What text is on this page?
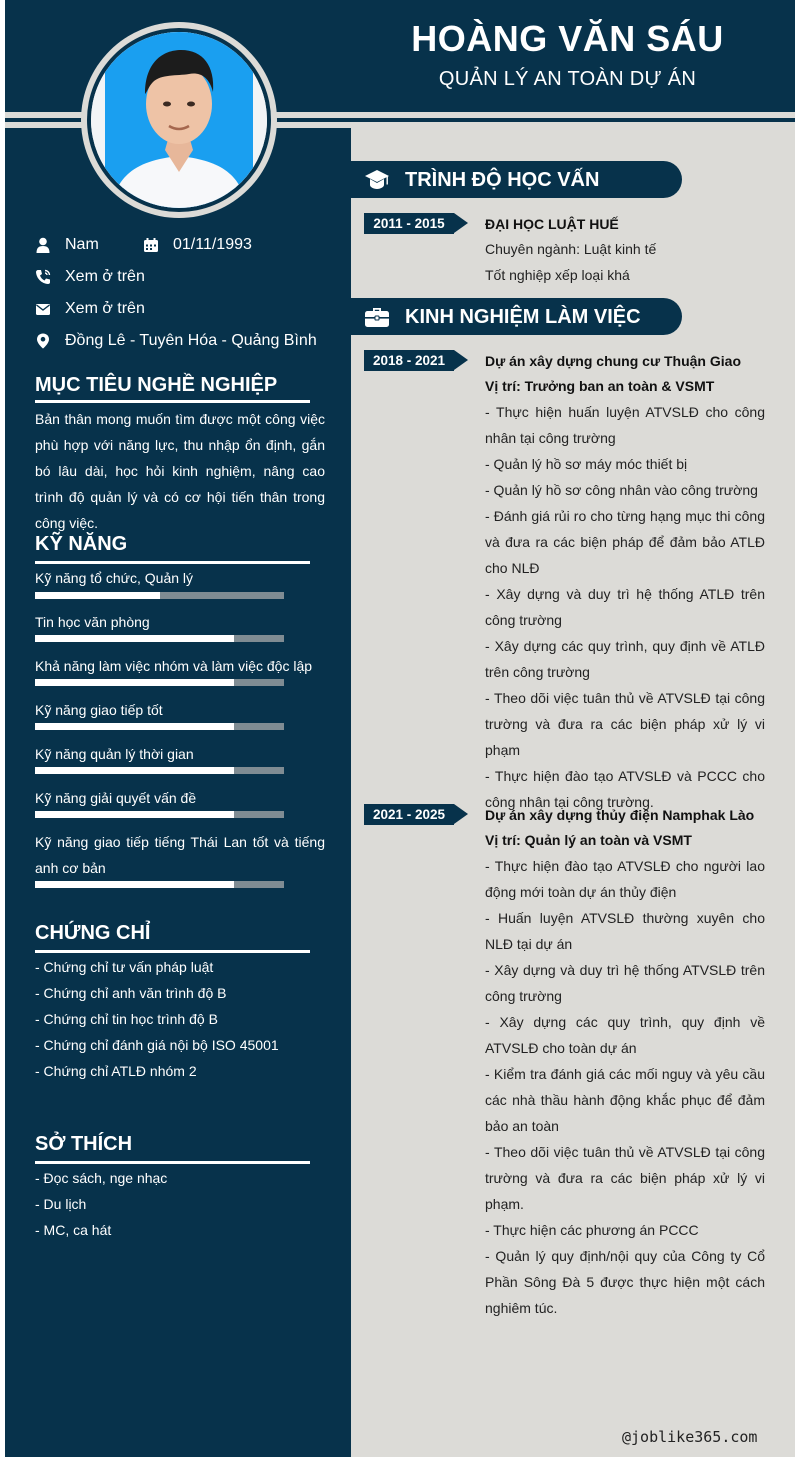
HOÀNG VĂN SÁU
QUẢN LÝ AN TOÀN DỰ ÁN
Nam	01/11/1993
Xem ở trên
Xem ở trên
Đồng Lê - Tuyên Hóa - Quảng Bình
MỤC TIÊU NGHỀ NGHIỆP
Bản thân mong muốn tìm được một công việc phù hợp với năng lực, thu nhập ổn định, gắn bó lâu dài, học hỏi kinh nghiệm, nâng cao trình độ quản lý và có cơ hội tiến thân trong công việc.
KỸ NĂNG
Kỹ năng tổ chức, Quản lý
Tin học văn phòng
Khả năng làm việc nhóm và làm việc độc lập
Kỹ năng giao tiếp tốt
Kỹ năng quản lý thời gian
Kỹ năng giải quyết vấn đề
Kỹ năng giao tiếp tiếng Thái Lan tốt và tiếng anh cơ bản
CHỨNG CHỈ
- Chứng chỉ tư vấn pháp luật
- Chứng chỉ anh văn trình độ B
- Chứng chỉ tin học trình độ B
- Chứng chỉ đánh giá nội bộ ISO 45001
- Chứng chỉ ATLĐ nhóm 2
SỞ THÍCH
- Đọc sách, nge nhạc
- Du lịch
- MC, ca hát
TRÌNH ĐỘ HỌC VẤN
2011 - 2015	ĐẠI HỌC LUẬT HUẾ
Chuyên ngành: Luật kinh tế
Tốt nghiệp xếp loại khá
KINH NGHIỆM LÀM VIỆC
2018 - 2021	Dự án xây dựng chung cư Thuận Giao
Vị trí: Trưởng ban an toàn & VSMT
- Thực hiện huấn luyện ATVSLĐ cho công nhân tại công trường
- Quản lý hồ sơ máy móc thiết bị
- Quản lý hồ sơ công nhân vào công trường
- Đánh giá rủi ro cho từng hạng mục thi công và đưa ra các biện pháp để đảm bảo ATLĐ cho NLĐ
- Xây dựng và duy trì hệ thống ATLĐ trên công trường
- Xây dựng các quy trình, quy định về ATLĐ trên công trường
- Theo dõi việc tuân thủ về ATVSLĐ tại công trường và đưa ra các biện pháp xử lý vi phạm
- Thực hiện đào tạo ATVSLĐ và PCCC cho công nhân tại công trường.
2021 - 2025	Dự án xây dựng thủy điện Namphak Lào
Vị trí: Quản lý an toàn và VSMT
- Thực hiện đào tạo ATVSLĐ cho người lao động mới toàn dự án thủy điện
- Huấn luyện ATVSLĐ thường xuyên cho NLĐ tại dự án
- Xây dựng và duy trì hệ thống ATVSLĐ trên công trường
- Xây dựng các quy trình, quy định về ATVSLĐ cho toàn dự án
- Kiểm tra đánh giá các mối nguy và yêu cầu các nhà thầu hành động khắc phục để đảm bảo an toàn
- Theo dõi việc tuân thủ về ATVSLĐ tại công trường và đưa ra các biện pháp xử lý vi phạm.
- Thực hiện các phương án PCCC
- Quản lý quy định/nội quy của Công ty Cổ Phần Sông Đà 5 được thực hiện một cách nghiêm túc.
@joblike365.com
